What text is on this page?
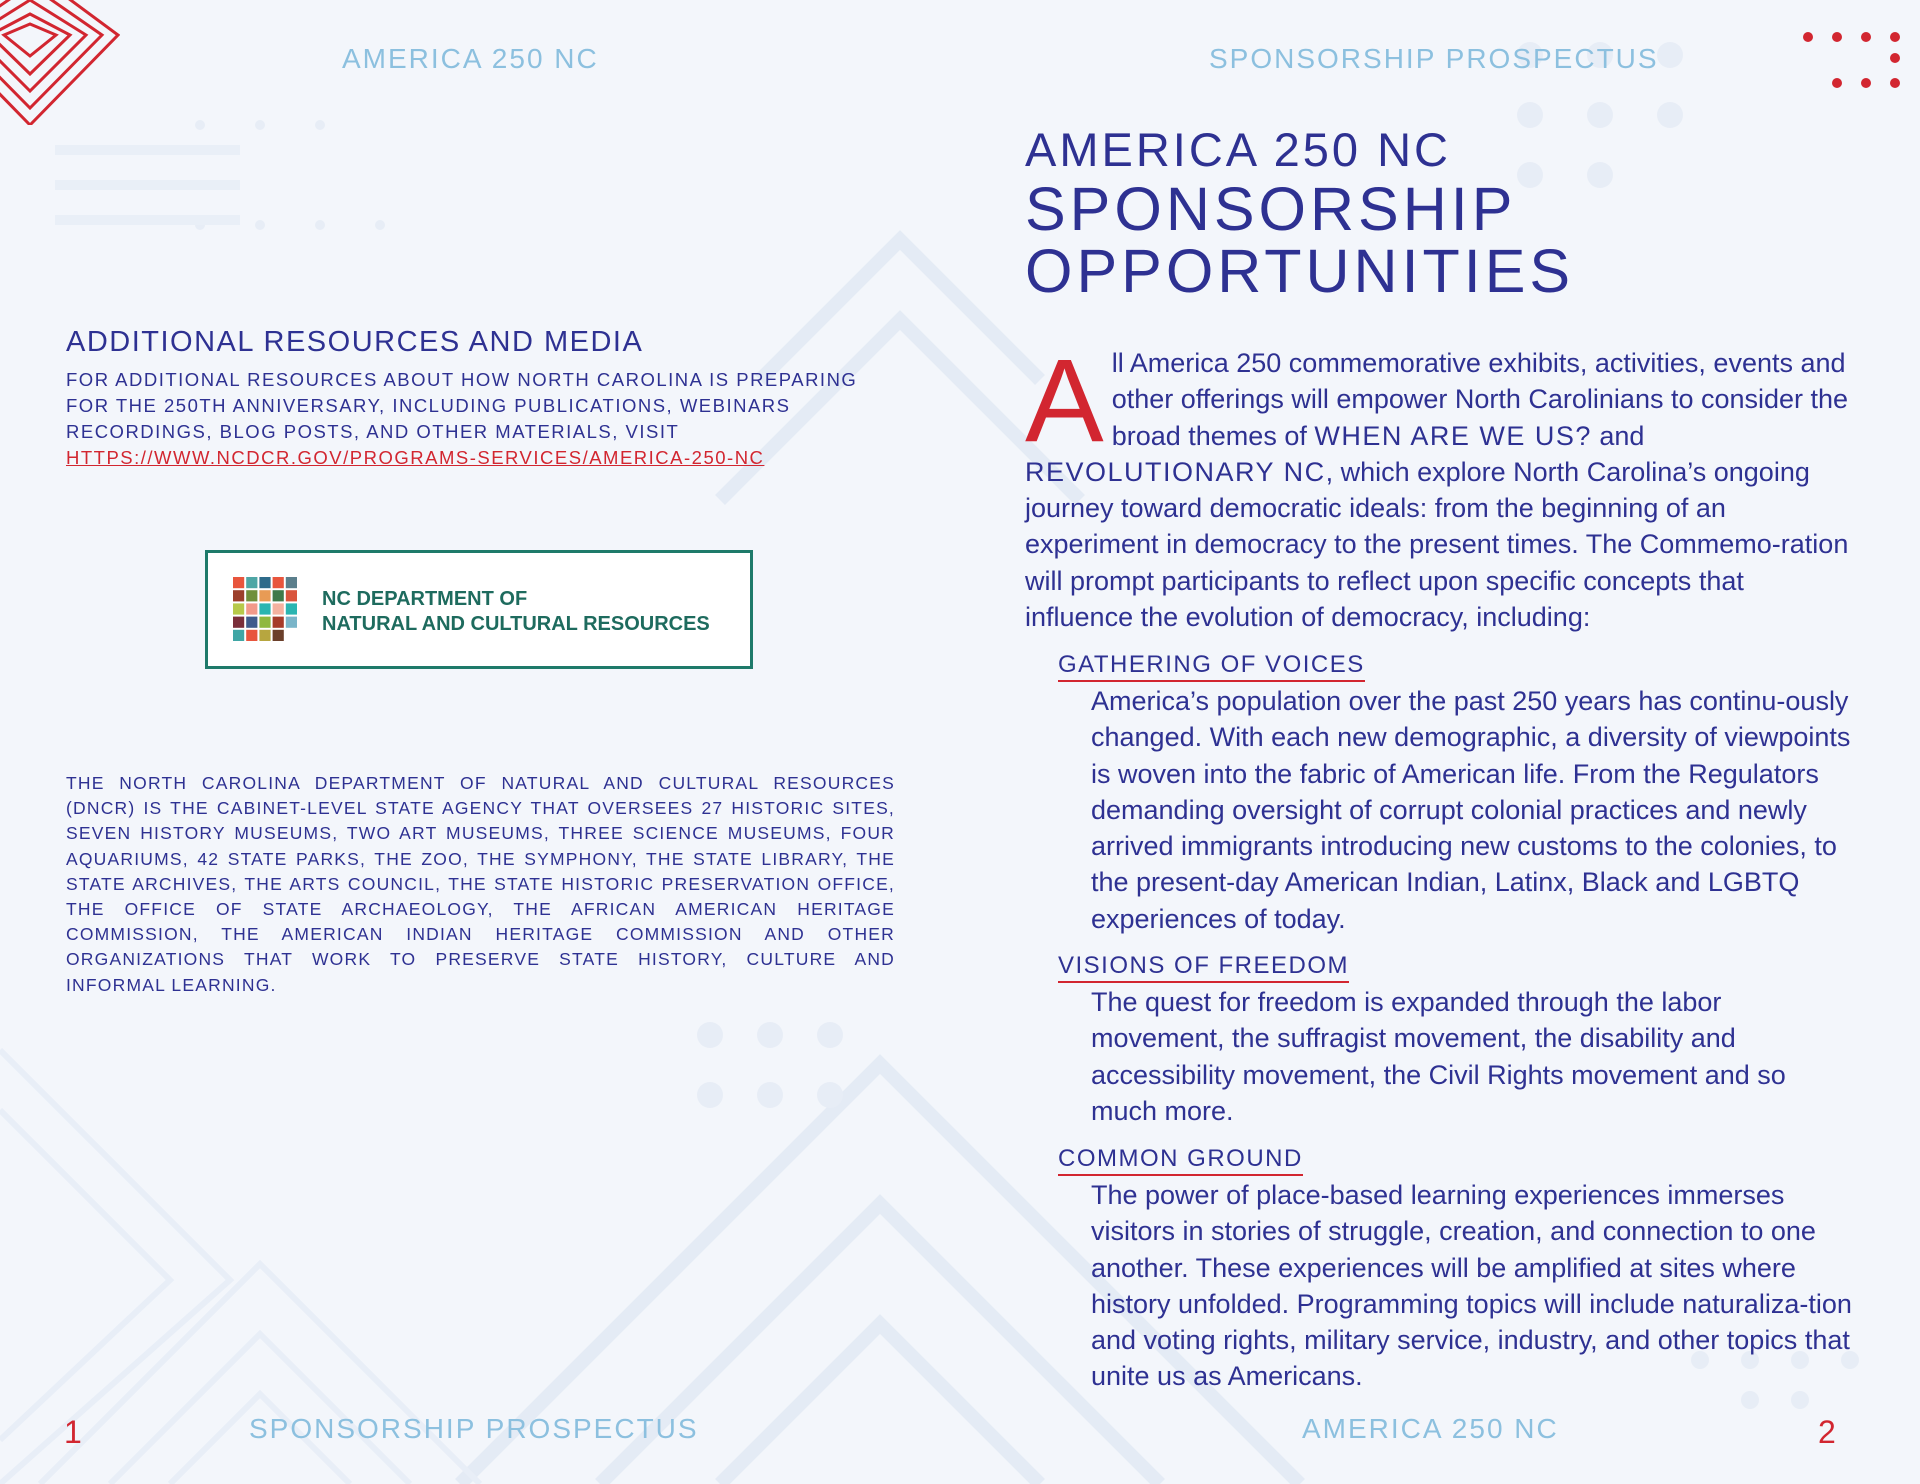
AMERICA 250 NC
SPONSORSHIP PROSPECTUS
1
ADDITIONAL RESOURCES AND MEDIA
FOR ADDITIONAL RESOURCES ABOUT HOW NORTH CAROLINA IS PREPARING FOR THE 250TH ANNIVERSARY, INCLUDING PUBLICATIONS, WEBINARS RECORDINGS, BLOG POSTS, AND OTHER MATERIALS, VISIT
HTTPS://WWW.NCDCR.GOV/PROGRAMS-SERVICES/AMERICA-250-NC
NC DEPARTMENT OF
NATURAL AND CULTURAL RESOURCES
THE NORTH CAROLINA DEPARTMENT OF NATURAL AND CULTURAL RESOURCES (DNCR) IS THE CABINET-LEVEL STATE AGENCY THAT OVERSEES 27 HISTORIC SITES, SEVEN HISTORY MUSEUMS, TWO ART MUSEUMS, THREE SCIENCE MUSEUMS, FOUR AQUARIUMS, 42 STATE PARKS, THE ZOO, THE SYMPHONY, THE STATE LIBRARY, THE STATE ARCHIVES, THE ARTS COUNCIL, THE STATE HISTORIC PRESERVATION OFFICE, THE OFFICE OF STATE ARCHAEOLOGY, THE AFRICAN AMERICAN HERITAGE COMMISSION, THE AMERICAN INDIAN HERITAGE COMMISSION AND OTHER ORGANIZATIONS THAT WORK TO PRESERVE STATE HISTORY, CULTURE AND INFORMAL LEARNING.
SPONSORSHIP PROSPECTUS
AMERICA 250 NC	2
AMERICA 250 NC
SPONSORSHIP
OPPORTUNITIES
All America 250 commemorative exhibits, activities, events and other offerings will empower North Carolinians to consider the broad themes of WHEN ARE WE US? and REVOLUTIONARY NC, which explore North Carolina’s ongoing journey toward democratic ideals: from the beginning of an experiment in democracy to the present times. The Commemo-ration will prompt participants to reflect upon specific concepts that influence the evolution of democracy, including:
GATHERING OF VOICES
America’s population over the past 250 years has continu-ously changed. With each new demographic, a diversity of viewpoints is woven into the fabric of American life. From the Regulators demanding oversight of corrupt colonial practices and newly arrived immigrants introducing new customs to the colonies, to the present-day American Indian, Latinx, Black and LGBTQ experiences of today.
VISIONS OF FREEDOM
The quest for freedom is expanded through the labor movement, the suffragist movement, the disability and accessibility movement, the Civil Rights movement and so much more.
COMMON GROUND
The power of place-based learning experiences immerses visitors in stories of struggle, creation, and connection to one another. These experiences will be amplified at sites where history unfolded. Programming topics will include naturaliza-tion and voting rights, military service, industry, and other topics that unite us as Americans.
